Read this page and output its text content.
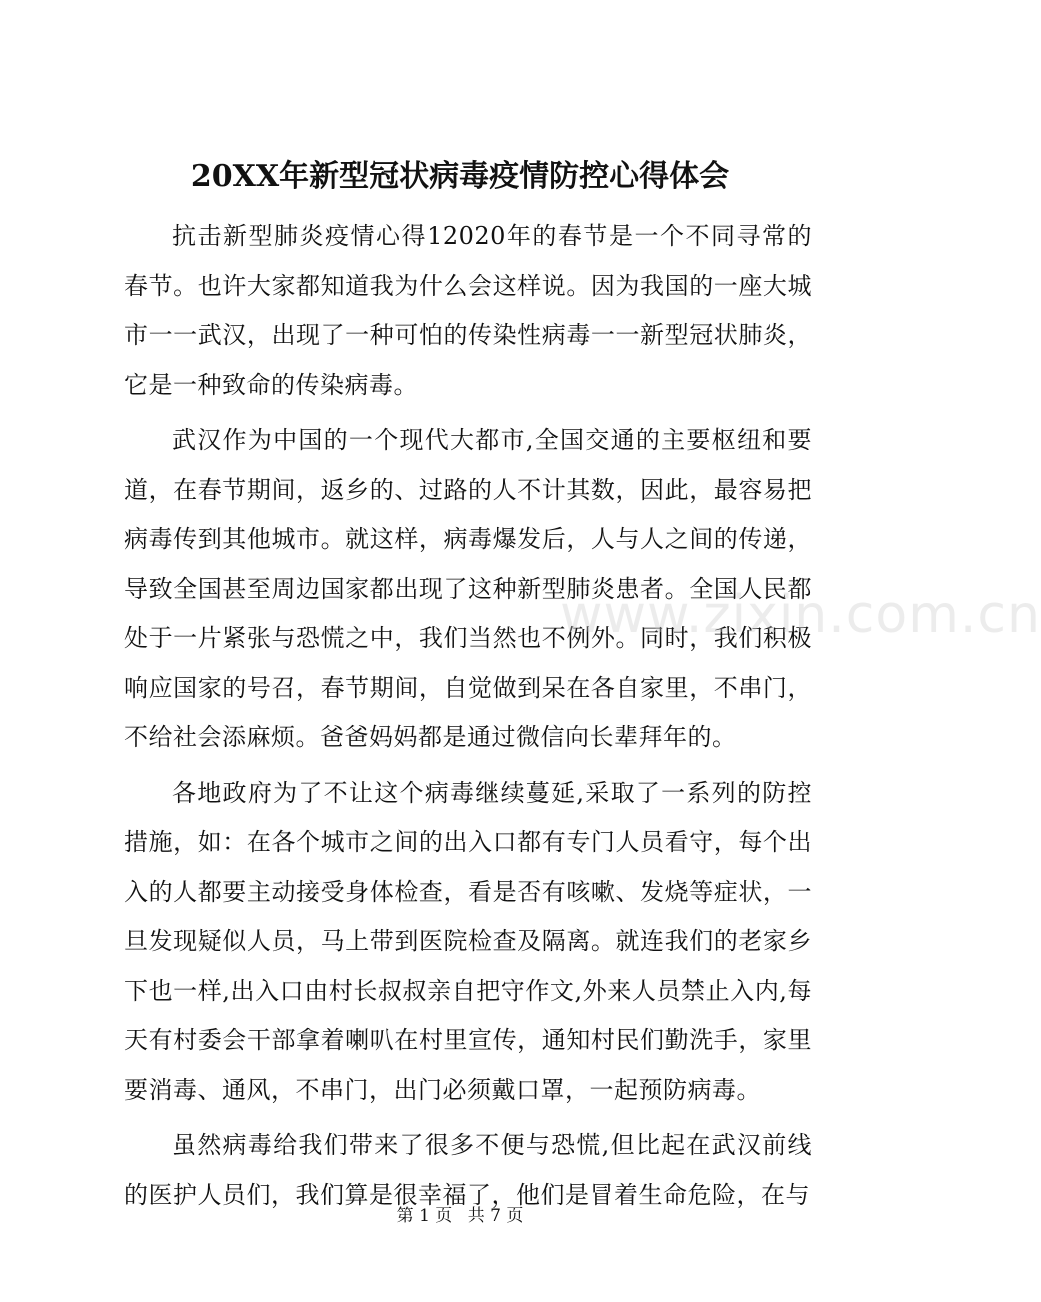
20XX年新型冠状病毒疫情防控心得体会

抗击新型肺炎疫情心得12020年的春节是一个不同寻常的春节。也许大家都知道我为什么会这样说。因为我国的一座大城市一一武汉，出现了一种可怕的传染性病毒一一新型冠状肺炎，它是一种致命的传染病毒。

武汉作为中国的一个现代大都市,全国交通的主要枢纽和要道，在春节期间，返乡的、过路的人不计其数，因此，最容易把病毒传到其他城市。就这样，病毒爆发后，人与人之间的传递，导致全国甚至周边国家都出现了这种新型肺炎患者。全国人民都处于一片紧张与恐慌之中，我们当然也不例外。同时，我们积极响应国家的号召，春节期间，自觉做到呆在各自家里，不串门，不给社会添麻烦。爸爸妈妈都是通过微信向长辈拜年的。

各地政府为了不让这个病毒继续蔓延,采取了一系列的防控措施，如：在各个城市之间的出入口都有专门人员看守，每个出入的人都要主动接受身体检查，看是否有咳嗽、发烧等症状，一旦发现疑似人员，马上带到医院检查及隔离。就连我们的老家乡下也一样,出入口由村长叔叔亲自把守作文,外来人员禁止入内,每天有村委会干部拿着喇叭在村里宣传，通知村民们勤洗手，家里要消毒、通风，不串门，出门必须戴口罩，一起预防病毒。

虽然病毒给我们带来了很多不便与恐慌,但比起在武汉前线的医护人员们，我们算是很幸福了，他们是冒着生命危险，在与

www.zixin.com.cn
第 1 页 共 7 页
